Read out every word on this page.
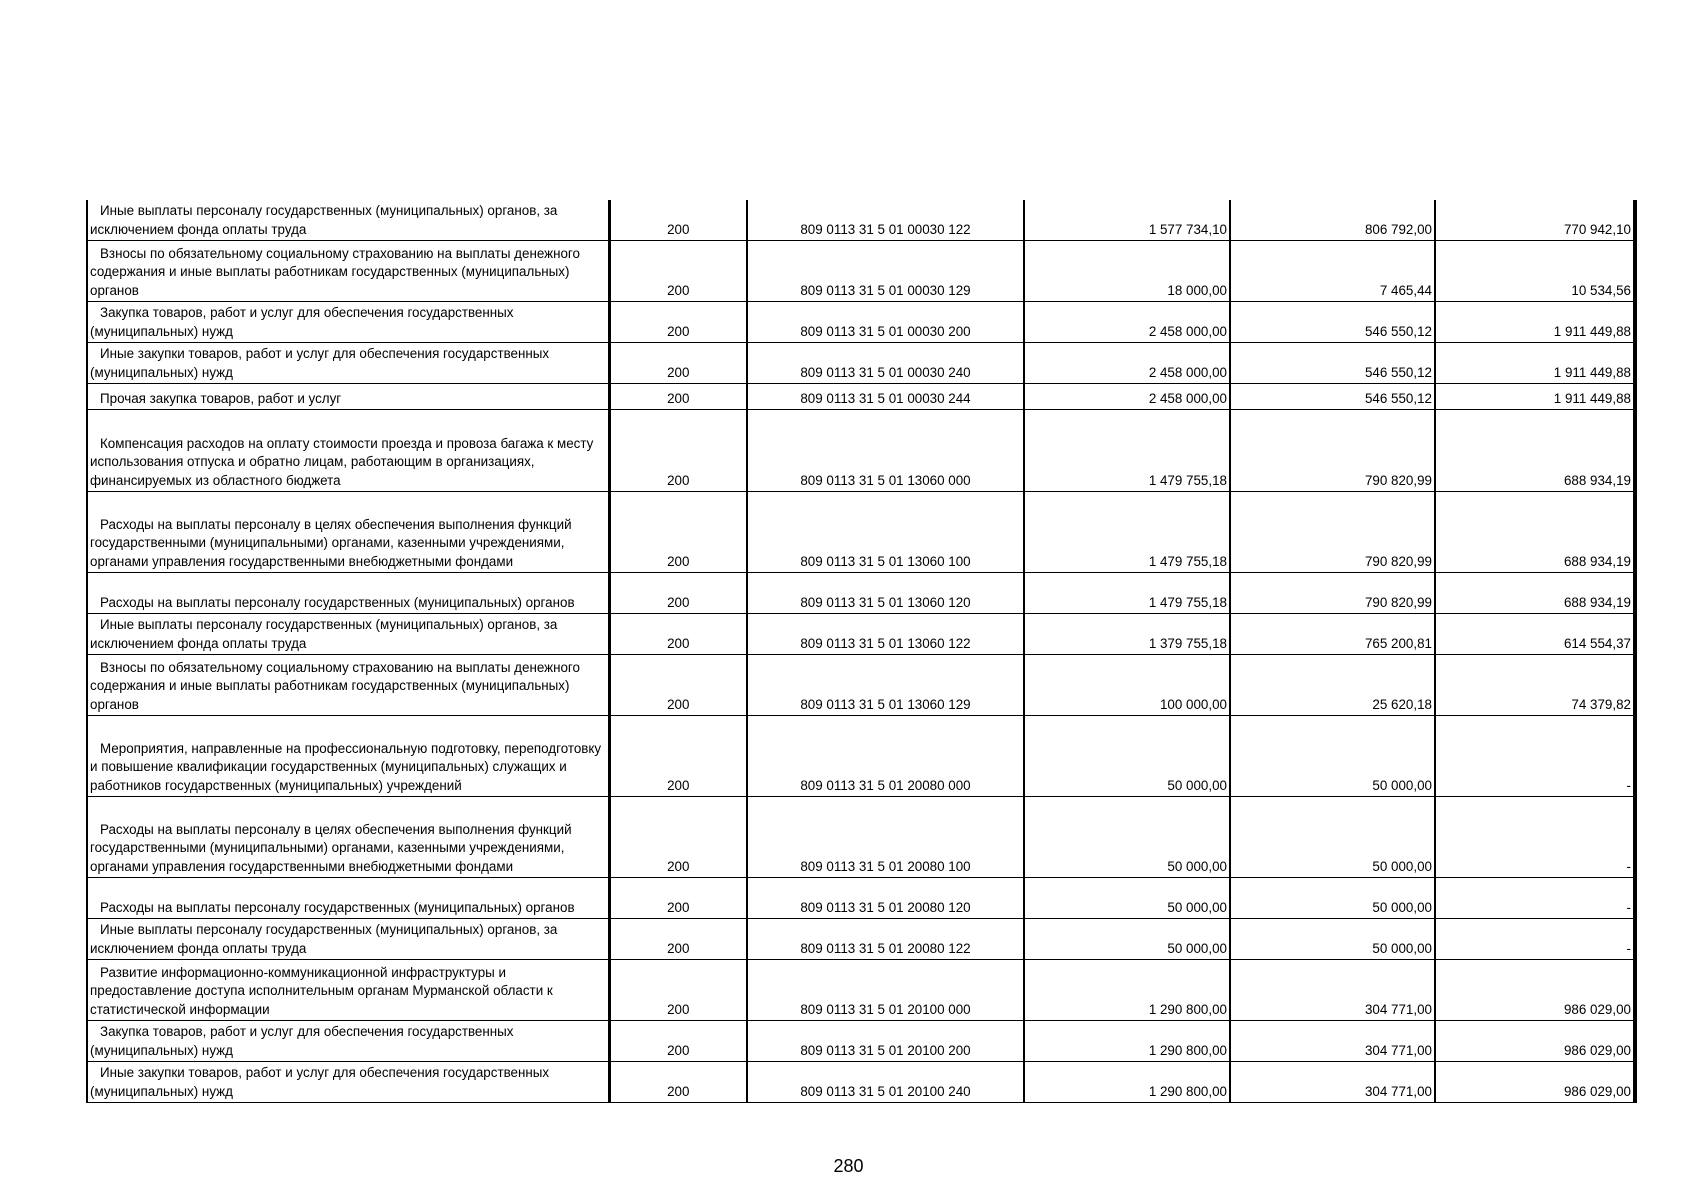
Иные выплаты персоналу государственных (муниципальных) органов, за исключением фонда оплаты труда	200	809 0113 31 5 01 00030 122	1 577 734,10	806 792,00	770 942,10

Взносы по обязательному социальному страхованию на выплаты денежного содержания и иные выплаты работникам государственных (муниципальных) органов	200	809 0113 31 5 01 00030 129	18 000,00	7 465,44	10 534,56

Закупка товаров, работ и услуг для обеспечения государственных (муниципальных) нужд	200	809 0113 31 5 01 00030 200	2 458 000,00	546 550,12	1 911 449,88

Иные закупки товаров, работ и услуг для обеспечения государственных (муниципальных) нужд	200	809 0113 31 5 01 00030 240	2 458 000,00	546 550,12	1 911 449,88

Прочая закупка товаров, работ и услуг	200	809 0113 31 5 01 00030 244	2 458 000,00	546 550,12	1 911 449,88

Компенсация расходов на оплату стоимости проезда и провоза багажа к месту использования отпуска и обратно лицам, работающим в организациях, финансируемых из областного бюджета	200	809 0113 31 5 01 13060 000	1 479 755,18	790 820,99	688 934,19

Расходы на выплаты персоналу в целях обеспечения выполнения функций государственными (муниципальными) органами, казенными учреждениями, органами управления государственными внебюджетными фондами	200	809 0113 31 5 01 13060 100	1 479 755,18	790 820,99	688 934,19

Расходы на выплаты персоналу государственных (муниципальных) органов	200	809 0113 31 5 01 13060 120	1 479 755,18	790 820,99	688 934,19

Иные выплаты персоналу государственных (муниципальных) органов, за исключением фонда оплаты труда	200	809 0113 31 5 01 13060 122	1 379 755,18	765 200,81	614 554,37

Взносы по обязательному социальному страхованию на выплаты денежного содержания и иные выплаты работникам государственных (муниципальных) органов	200	809 0113 31 5 01 13060 129	100 000,00	25 620,18	74 379,82

Мероприятия, направленные на профессиональную подготовку, переподготовку и повышение квалификации государственных (муниципальных) служащих и работников государственных (муниципальных) учреждений	200	809 0113 31 5 01 20080 000	50 000,00	50 000,00	-

Расходы на выплаты персоналу в целях обеспечения выполнения функций государственными (муниципальными) органами, казенными учреждениями, органами управления государственными внебюджетными фондами	200	809 0113 31 5 01 20080 100	50 000,00	50 000,00	-

Расходы на выплаты персоналу государственных (муниципальных) органов	200	809 0113 31 5 01 20080 120	50 000,00	50 000,00	-

Иные выплаты персоналу государственных (муниципальных) органов, за исключением фонда оплаты труда	200	809 0113 31 5 01 20080 122	50 000,00	50 000,00	-

Развитие информационно-коммуникационной инфраструктуры и предоставление доступа исполнительным органам Мурманской области к статистической информации	200	809 0113 31 5 01 20100 000	1 290 800,00	304 771,00	986 029,00

Закупка товаров, работ и услуг для обеспечения государственных (муниципальных) нужд	200	809 0113 31 5 01 20100 200	1 290 800,00	304 771,00	986 029,00

Иные закупки товаров, работ и услуг для обеспечения государственных (муниципальных) нужд	200	809 0113 31 5 01 20100 240	1 290 800,00	304 771,00	986 029,00
280
